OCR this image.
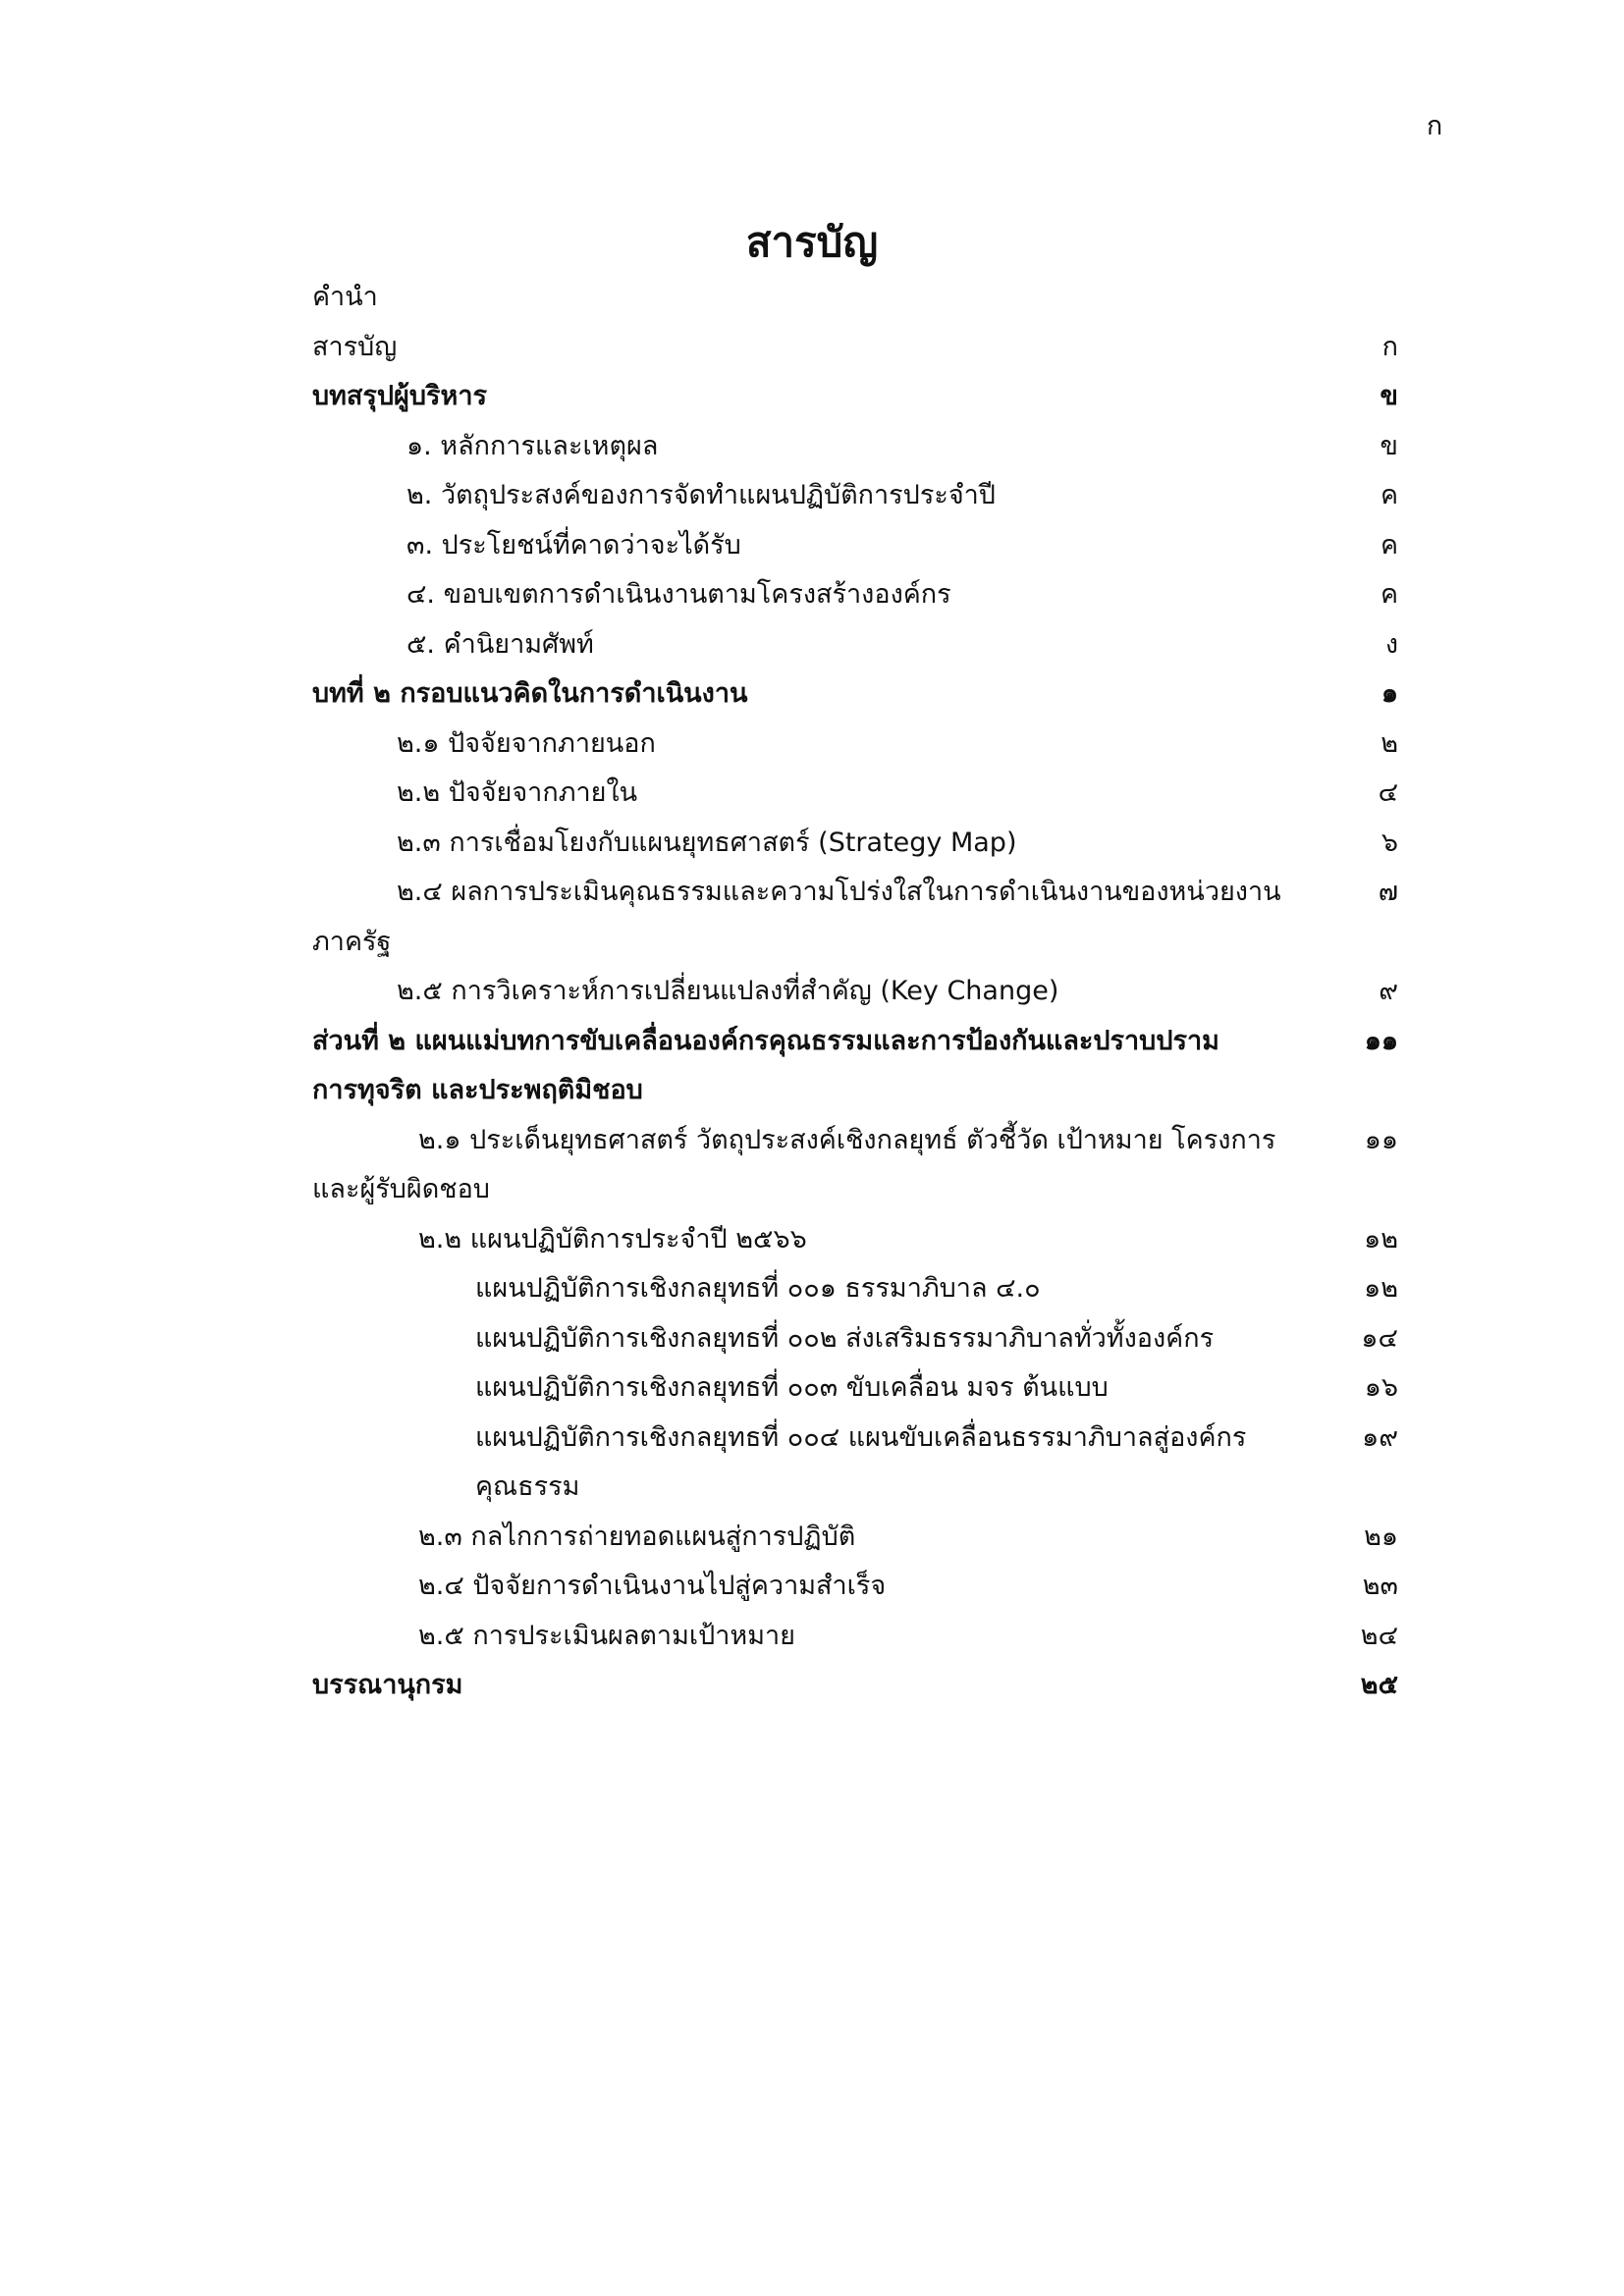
ก
สารบัญ
คำนำ
สารบัญ	ก
บทสรุปผู้บริหาร	ข
๑. หลักการและเหตุผล	ข
๒. วัตถุประสงค์ของการจัดทำแผนปฏิบัติการประจำปี	ค
๓. ประโยชน์ที่คาดว่าจะได้รับ	ค
๔. ขอบเขตการดำเนินงานตามโครงสร้างองค์กร	ค
๕. คำนิยามศัพท์	ง
บทที่ ๒ กรอบแนวคิดในการดำเนินงาน	๑
๒.๑ ปัจจัยจากภายนอก	๒
๒.๒ ปัจจัยจากภายใน	๔
๒.๓ การเชื่อมโยงกับแผนยุทธศาสตร์ (Strategy Map)	๖
๒.๔ ผลการประเมินคุณธรรมและความโปร่งใสในการดำเนินงานของหน่วยงาน	๗
ภาครัฐ
๒.๕ การวิเคราะห์การเปลี่ยนแปลงที่สำคัญ (Key Change)	๙
ส่วนที่ ๒ แผนแม่บทการขับเคลื่อนองค์กรคุณธรรมและการป้องกันและปราบปราม	๑๑
การทุจริต และประพฤติมิชอบ
๒.๑ ประเด็นยุทธศาสตร์ วัตถุประสงค์เชิงกลยุทธ์ ตัวชี้วัด เป้าหมาย โครงการ	๑๑
และผู้รับผิดชอบ
๒.๒ แผนปฏิบัติการประจำปี ๒๕๖๖	๑๒
แผนปฏิบัติการเชิงกลยุทธที่ ๐๐๑ ธรรมาภิบาล ๔.๐	๑๒
แผนปฏิบัติการเชิงกลยุทธที่ ๐๐๒ ส่งเสริมธรรมาภิบาลทั่วทั้งองค์กร	๑๔
แผนปฏิบัติการเชิงกลยุทธที่ ๐๐๓ ขับเคลื่อน มจร ต้นแบบ	๑๖
แผนปฏิบัติการเชิงกลยุทธที่ ๐๐๔ แผนขับเคลื่อนธรรมาภิบาลสู่องค์กร	๑๙
คุณธรรม
๒.๓ กลไกการถ่ายทอดแผนสู่การปฏิบัติ	๒๑
๒.๔ ปัจจัยการดำเนินงานไปสู่ความสำเร็จ	๒๓
๒.๕ การประเมินผลตามเป้าหมาย	๒๔
บรรณานุกรม	๒๕
